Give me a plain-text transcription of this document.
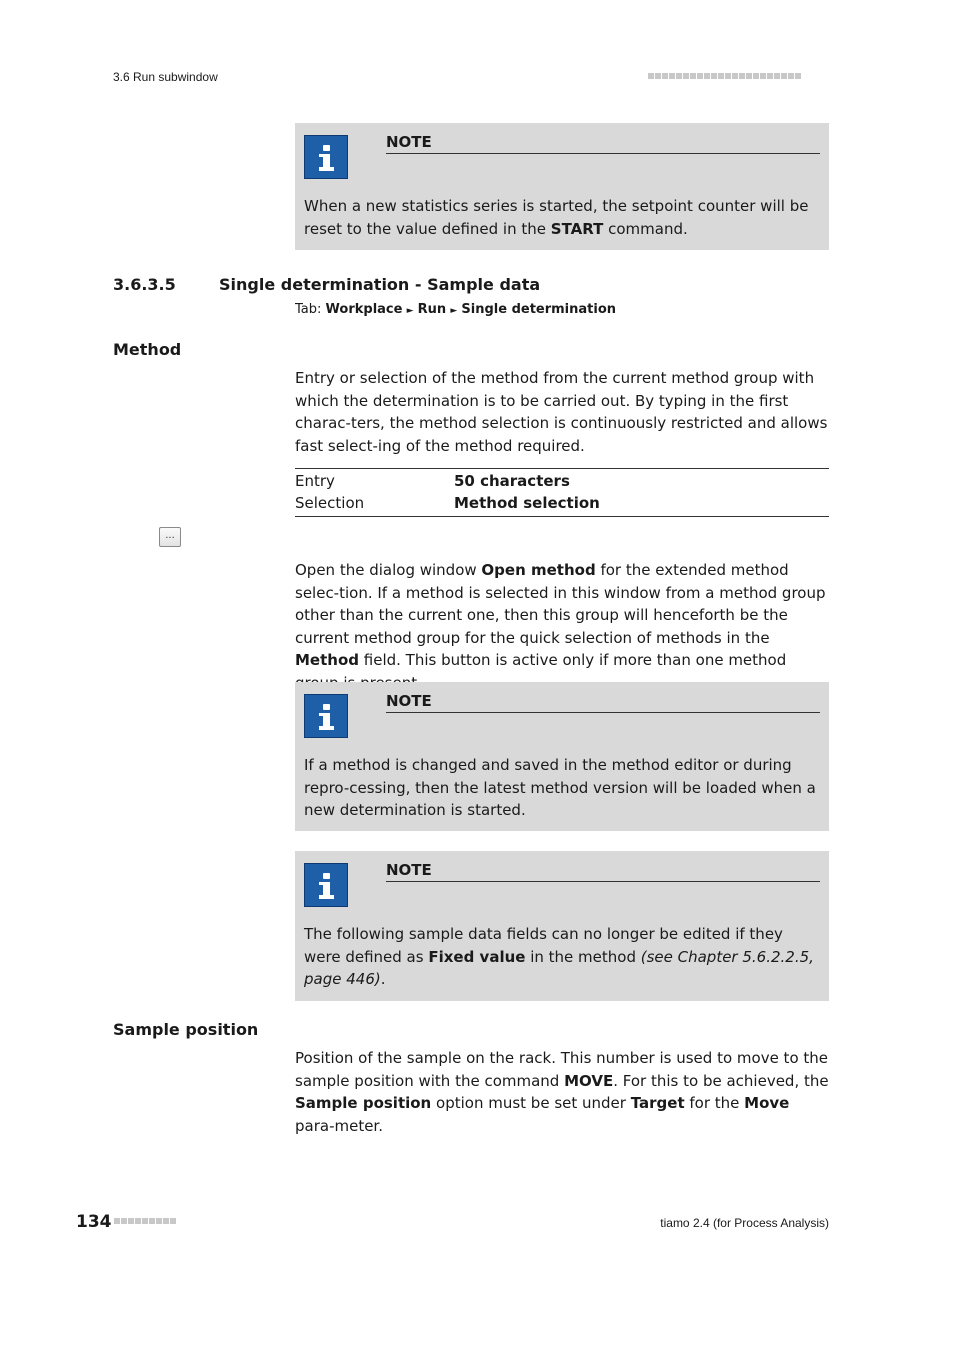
3.6 Run subwindow
NOTE
When a new statistics series is started, the setpoint counter will be reset to the value defined in the START command.
3.6.3.5	Single determination - Sample data
Tab: Workplace ► Run ► Single determination
Method
Entry or selection of the method from the current method group with which the determination is to be carried out. By typing in the first charac-ters, the method selection is continuously restricted and allows fast select-ing of the method required.
Entry	50 characters
Selection	Method selection
...
Open the dialog window Open method for the extended method selec-tion. If a method is selected in this window from a method group other than the current one, then this group will henceforth be the current method group for the quick selection of methods in the Method field. This button is active only if more than one method
NOTE
If a method is changed and saved in the method editor or during repro-cessing, then the latest method version will be loaded when a new determination is started.
NOTE
The following sample data fields can no longer be edited if they were defined as Fixed value in the method (see Chapter 5.6.2.2.5, page 446).
Sample position
Position of the sample on the rack. This number is used to move to the sample position with the command MOVE. For this to be achieved, the Sample position option must be set under Target for the Move para-meter.
134	tiamo 2.4 (for Process Analysis)
